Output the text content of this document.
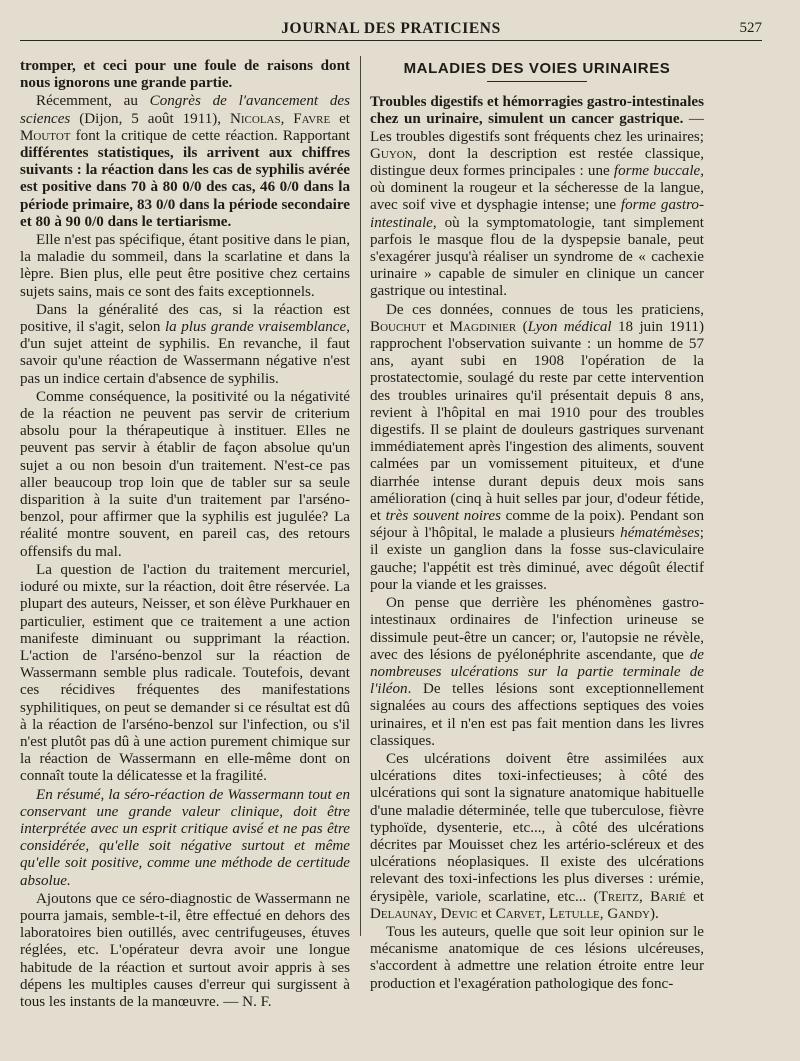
JOURNAL DES PRATICIENS	527

tromper, et ceci pour une foule de raisons dont nous ignorons une grande partie.

Récemment, au Congrès de l'avancement des sciences (Dijon, 5 août 1911), Nicolas, Favre et Moutot font la critique de cette réaction. Rapportant différentes statistiques, ils arrivent aux chiffres suivants : la réaction dans les cas de syphilis avérée est positive dans 70 à 80 0/0 des cas, 46 0/0 dans la période primaire, 83 0/0 dans la période secondaire et 80 à 90 0/0 dans le tertiarisme.

Elle n'est pas spécifique, étant positive dans le pian, la maladie du sommeil, dans la scarlatine et dans la lèpre. Bien plus, elle peut être positive chez certains sujets sains, mais ce sont des faits exceptionnels.

Dans la généralité des cas, si la réaction est positive, il s'agit, selon la plus grande vraisemblance, d'un sujet atteint de syphilis. En revanche, il faut savoir qu'une réaction de Wassermann négative n'est pas un indice certain d'absence de syphilis.

Comme conséquence, la positivité ou la négativité de la réaction ne peuvent pas servir de criterium absolu pour la thérapeutique à instituer. Elles ne peuvent pas servir à établir de façon absolue qu'un sujet a ou non besoin d'un traitement. N'est-ce pas aller beaucoup trop loin que de tabler sur sa seule disparition à la suite d'un traitement par l'arséno-benzol, pour affirmer que la syphilis est jugulée? La réalité montre souvent, en pareil cas, des retours offensifs du mal.

La question de l'action du traitement mercuriel, ioduré ou mixte, sur la réaction, doit être réservée. La plupart des auteurs, Neisser, et son élève Purkhauer en particulier, estiment que ce traitement a une action manifeste diminuant ou supprimant la réaction. L'action de l'arséno-benzol sur la réaction de Wassermann semble plus radicale. Toutefois, devant ces récidives fréquentes des manifestations syphilitiques, on peut se demander si ce résultat est dû à la réaction de l'arséno-benzol sur l'infection, ou s'il n'est plutôt pas dû à une action purement chimique sur la réaction de Wassermann en elle-même dont on connaît toute la délicatesse et la fragilité.

En résumé, la séro-réaction de Wassermann tout en conservant une grande valeur clinique, doit être interprétée avec un esprit critique avisé et ne pas être considérée, qu'elle soit négative surtout et même qu'elle soit positive, comme une méthode de certitude absolue.

Ajoutons que ce séro-diagnostic de Wassermann ne pourra jamais, semble-t-il, être effectué en dehors des laboratoires bien outillés, avec centrifugeuses, étuves réglées, etc. L'opérateur devra avoir une longue habitude de la réaction et surtout avoir appris à ses dépens les multiples causes d'erreur qui surgissent à tous les instants de la manœuvre. — N. F.

MALADIES DES VOIES URINAIRES

Troubles digestifs et hémorragies gastro-intestinales chez un urinaire, simulent un cancer gastrique. — Les troubles digestifs sont fréquents chez les urinaires; Guyon, dont la description est restée classique, distingue deux formes principales : une forme buccale, où dominent la rougeur et la sécheresse de la langue, avec soif vive et dysphagie intense; une forme gastro-intestinale, où la symptomatologie, tant simplement parfois le masque flou de la dyspepsie banale, peut s'exagérer jusqu'à réaliser un syndrome de « cachexie urinaire » capable de simuler en clinique un cancer gastrique ou intestinal.

De ces données, connues de tous les praticiens, Bouchut et Magdinier (Lyon médical 18 juin 1911) rapprochent l'observation suivante : un homme de 57 ans, ayant subi en 1908 l'opération de la prostatectomie, soulagé du reste par cette intervention des troubles urinaires qu'il présentait depuis 8 ans, revient à l'hôpital en mai 1910 pour des troubles digestifs. Il se plaint de douleurs gastriques survenant immédiatement après l'ingestion des aliments, souvent calmées par un vomissement pituiteux, et d'une diarrhée intense durant depuis deux mois sans amélioration (cinq à huit selles par jour, d'odeur fétide, et très souvent noires comme de la poix). Pendant son séjour à l'hôpital, le malade a plusieurs hématémèses; il existe un ganglion dans la fosse sus-claviculaire gauche; l'appétit est très diminué, avec dégoût électif pour la viande et les graisses.

On pense que derrière les phénomènes gastro-intestinaux ordinaires de l'infection urineuse se dissimule peut-être un cancer; or, l'autopsie ne révèle, avec des lésions de pyélonéphrite ascendante, que de nombreuses ulcérations sur la partie terminale de l'iléon. De telles lésions sont exceptionnellement signalées au cours des affections septiques des voies urinaires, et il n'en est pas fait mention dans les livres classiques.

Ces ulcérations doivent être assimilées aux ulcérations dites toxi-infectieuses; à côté des ulcérations qui sont la signature anatomique habituelle d'une maladie déterminée, telle que tuberculose, fièvre typhoïde, dysenterie, etc..., à côté des ulcérations décrites par Mouisset chez les artério-scléreux et des ulcérations néoplasiques. Il existe des ulcérations relevant des toxi-infections les plus diverses : urémie, érysipèle, variole, scarlatine, etc... (Treitz, Barié et Delaunay, Devic et Carvet, Letulle, Gandy).

Tous les auteurs, quelle que soit leur opinion sur le mécanisme anatomique de ces lésions ulcéreuses, s'accordent à admettre une relation étroite entre leur production et l'exagération pathologique des fonc-
